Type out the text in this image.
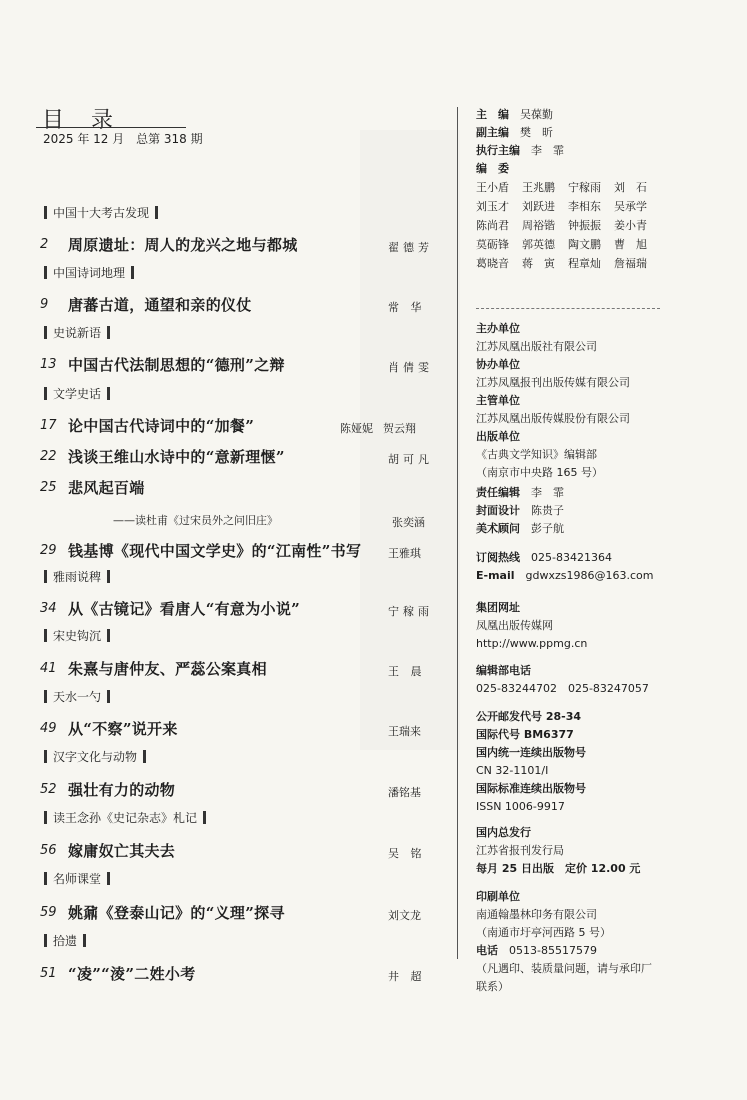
目 录
2025 年 12 月 总第 318 期
中国十大考古发现
2 周原遗址：周人的龙兴之地与都城	翟德芳
中国诗词地理
9 唐蕃古道，通望和亲的仪仗	常 华
史说新语
13 中国古代法制思想的“德刑”之辩	肖倩雯
文学史话
17 论中国古代诗词中的“加餐”	陈娅妮 贺云翔
22 浅谈王维山水诗中的“意新理惬”	胡可凡
25 悲风起百端
——读杜甫《过宋员外之问旧庄》	张奕涵
29 钱基博《现代中国文学史》的“江南性”书写 王雅琪
雅雨说稗
34 从《古镜记》看唐人“有意为小说”	宁稼雨
宋史钩沉
41 朱熹与唐仲友、严蕊公案真相	王 晨
天水一勺
49 从“不察”说开来	王瑞来
汉字文化与动物
52 强壮有力的动物	潘铭基
读王念孙《史记杂志》札记
56 嫁庸奴亡其夫去	吴 铭
名师课堂
59 姚鼐《登泰山记》的“义理”探寻	刘文龙
拾遗
51 “凌”“淩”二姓小考	井 超
主　编　 吴葆勤
副主编　 樊　昕
执行主编　 李　霏
编　委
王小盾	王兆鹏	宁稼雨	刘　石
刘玉才	刘跃进	李相东	吴承学
陈尚君	周裕锴	钟振振	姜小青
莫砺锋	郭英德	陶文鹏	曹　旭
葛晓音	蒋　寅	程章灿	詹福瑞
主办单位
江苏凤凰出版社有限公司
协办单位
江苏凤凰报刊出版传媒有限公司
主管单位
江苏凤凰出版传媒股份有限公司
出版单位
《古典文学知识》编辑部
（南京市中央路 165 号）
责任编辑　 李　霏
封面设计　 陈贵子
美术顾问　 彭子航
订阅热线　 025-83421364
E-mail　 gdwxzs1986@163.com
集团网址
凤凰出版传媒网
http://www.ppmg.cn
编辑部电话
025-83244702　025-83247057
公开邮发代号 28-34
国际代号 BM6377
国内统一连续出版物号
CN 32-1101/I
国际标准连续出版物号
ISSN 1006-9917
国内总发行
江苏省报刊发行局
每月 25 日出版　 定价 12.00 元
印刷单位
南通翰墨林印务有限公司
（南通市圩亭河西路 5 号）
电话　 0513-85517579
（凡遇印、装质量问题，请与承印厂
联系）
